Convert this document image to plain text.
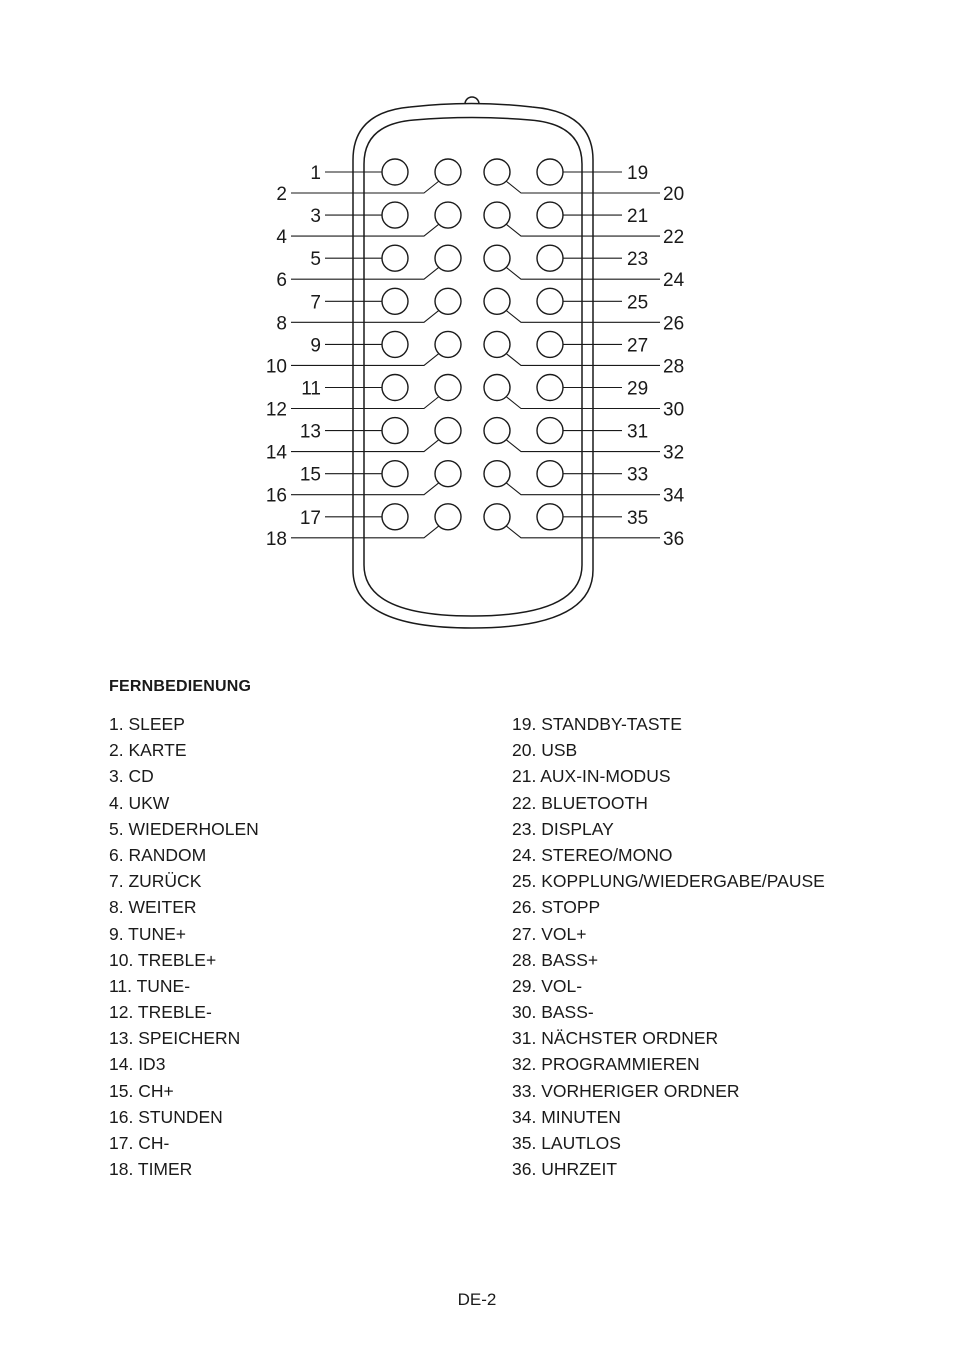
1
2
19
20
3
4
21
22
5
6
23
24
7
8
25
26
9
10
27
28
11
12
29
30
13
14
31
32
15
16
33
34
17
18
35
36
FERNBEDIENUNG
1. SLEEP
2. KARTE
3. CD
4. UKW
5. WIEDERHOLEN
6. RANDOM
7. ZURÜCK
8. WEITER
9. TUNE+
10. TREBLE+
11. TUNE-
12. TREBLE-
13. SPEICHERN
14. ID3
15. CH+
16. STUNDEN
17. CH-
18. TIMER
19. STANDBY-TASTE
20. USB
21. AUX-IN-MODUS
22. BLUETOOTH
23. DISPLAY
24. STEREO/MONO
25. KOPPLUNG/WIEDERGABE/PAUSE
26. STOPP
27. VOL+
28. BASS+
29. VOL-
30. BASS-
31. NÄCHSTER ORDNER
32. PROGRAMMIEREN
33. VORHERIGER ORDNER
34. MINUTEN
35. LAUTLOS
36. UHRZEIT
DE-2
